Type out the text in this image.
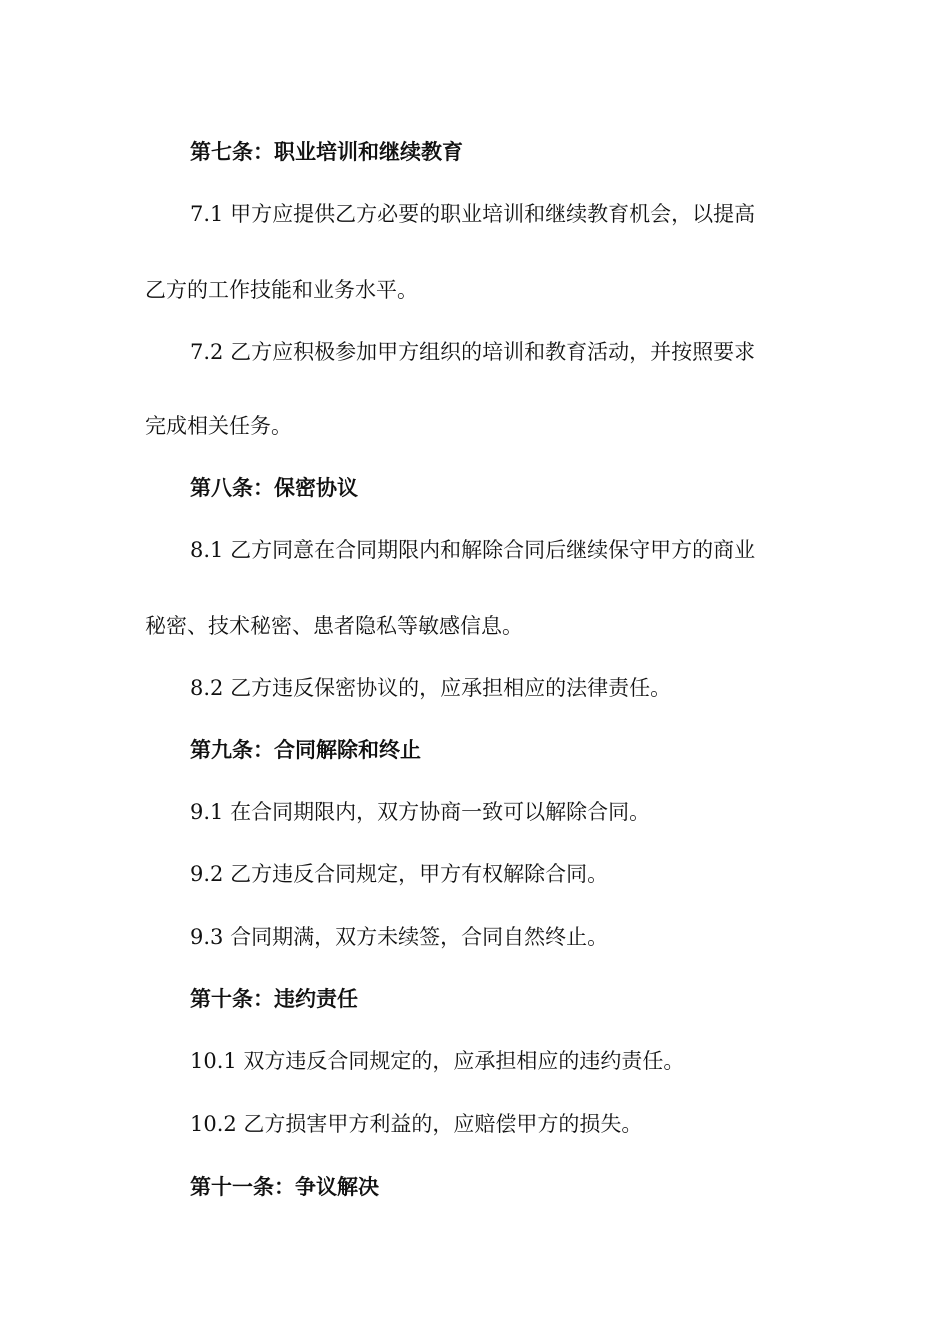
第七条：职业培训和继续教育
7.1 甲方应提供乙方必要的职业培训和继续教育机会，以提高
乙方的工作技能和业务水平。
7.2 乙方应积极参加甲方组织的培训和教育活动，并按照要求
完成相关任务。
第八条：保密协议
8.1 乙方同意在合同期限内和解除合同后继续保守甲方的商业
秘密、技术秘密、患者隐私等敏感信息。
8.2 乙方违反保密协议的，应承担相应的法律责任。
第九条：合同解除和终止
9.1 在合同期限内，双方协商一致可以解除合同。
9.2 乙方违反合同规定，甲方有权解除合同。
9.3 合同期满，双方未续签，合同自然终止。
第十条：违约责任
10.1 双方违反合同规定的，应承担相应的违约责任。
10.2 乙方损害甲方利益的，应赔偿甲方的损失。
第十一条：争议解决
